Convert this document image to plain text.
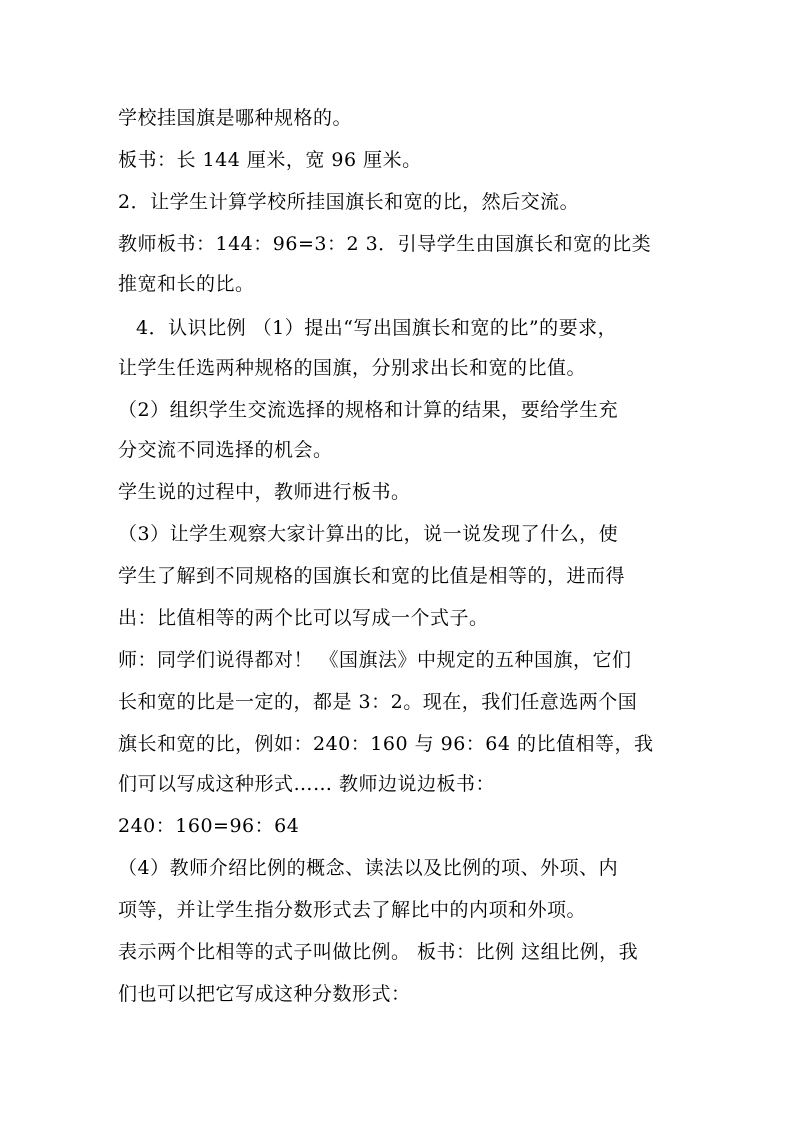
学校挂国旗是哪种规格的。
板书：长 144 厘米，宽 96 厘米。
2．让学生计算学校所挂国旗长和宽的比，然后交流。
教师板书：144：96=3：2 3．引导学生由国旗长和宽的比类
推宽和长的比。
4．认识比例 （1）提出“写出国旗长和宽的比”的要求，
让学生任选两种规格的国旗，分别求出长和宽的比值。
（2）组织学生交流选择的规格和计算的结果，要给学生充
分交流不同选择的机会。
学生说的过程中，教师进行板书。
（3）让学生观察大家计算出的比，说一说发现了什么，使
学生了解到不同规格的国旗长和宽的比值是相等的，进而得
出：比值相等的两个比可以写成一个式子。
师：同学们说得都对！ 《国旗法》中规定的五种国旗，它们
长和宽的比是一定的，都是 3：2。现在，我们任意选两个国
旗长和宽的比，例如：240：160 与 96：64 的比值相等，我
们可以写成这种形式…… 教师边说边板书：
240：160=96：64
（4）教师介绍比例的概念、读法以及比例的项、外项、内
项等，并让学生指分数形式去了解比中的内项和外项。
表示两个比相等的式子叫做比例。 板书：比例 这组比例，我
们也可以把它写成这种分数形式：
